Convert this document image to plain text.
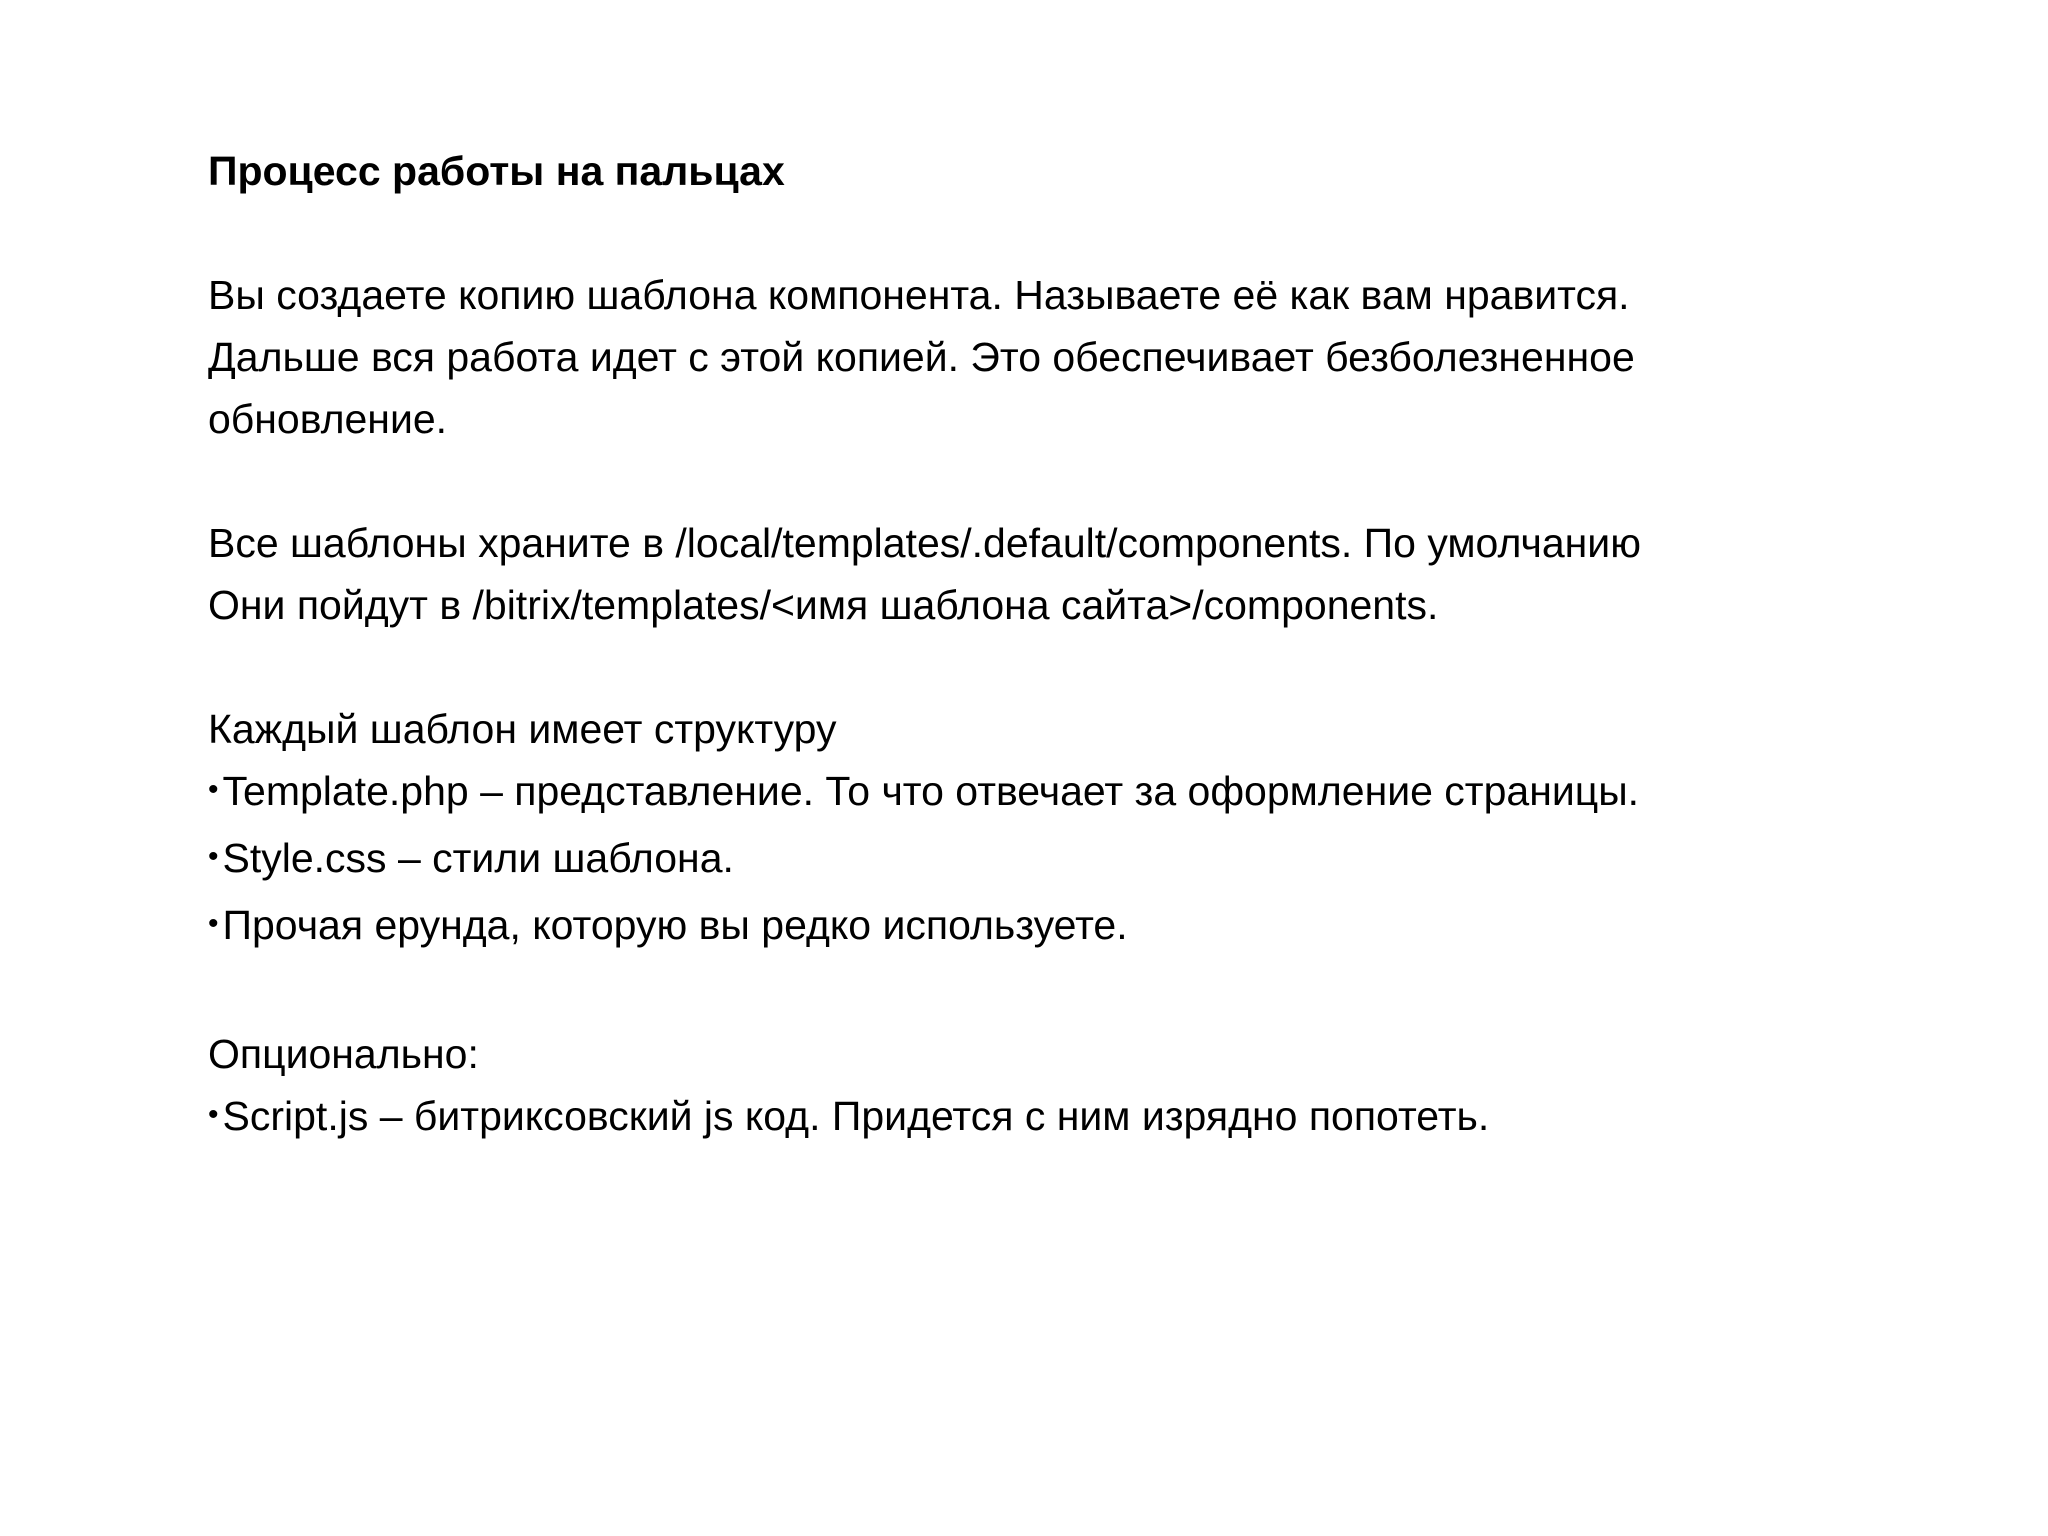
Процесс работы на пальцах

Вы создаете копию шаблона компонента. Называете её как вам нравится.

Дальше вся работа идет с этой копией. Это обеспечивает безболезненное

обновление.

Все шаблоны храните в /local/templates/.default/components. По умолчанию

Они пойдут в /bitrix/templates/<имя шаблона сайта>/components.

Каждый шаблон имеет структуру

• Template.php – представление. То что отвечает за оформление страницы.
• Style.css – стили шаблона.
• Прочая ерунда, которую вы редко используете.

Опционально:

• Script.js – битриксовский js код. Придется с ним изрядно попотеть.
